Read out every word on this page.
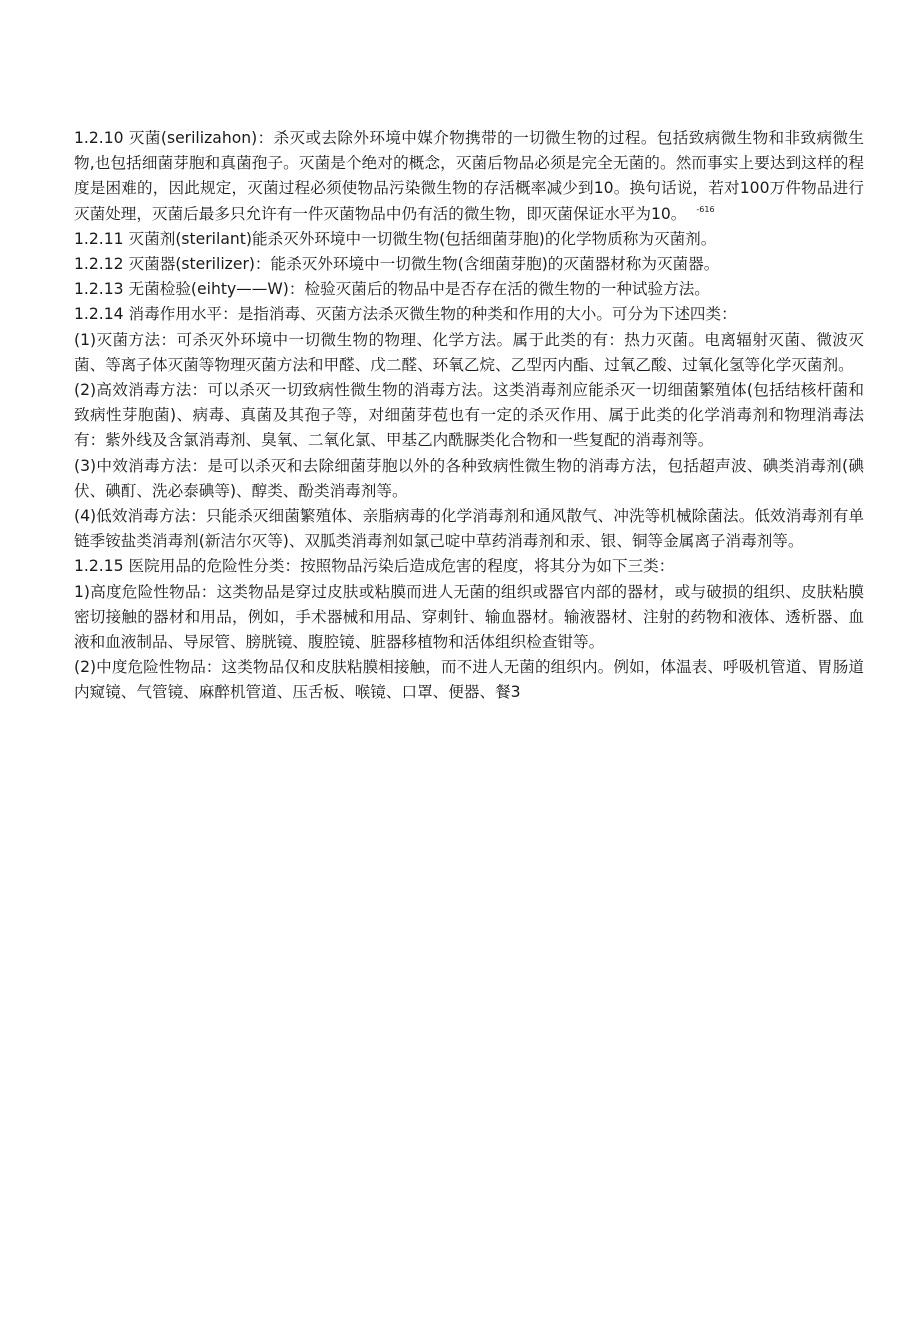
1.2.10 灭菌(serilizahon)：杀灭或去除外环境中媒介物携带的一切微生物的过程。包括致病微生物和非致病微生物,也包括细菌芽胞和真菌孢子。灭菌是个绝对的概念，灭菌后物品必须是完全无菌的。然而事实上要达到这样的程度是困难的，因此规定，灭菌过程必须使物品污染微生物的存活概率减少到10。换句话说，若对100万件物品进行灭菌处理，灭菌后最多只允许有一件灭菌物品中仍有活的微生物，即灭菌保证水平为10。 $^{-616}$

1.2.11 灭菌剂(sterilant)能杀灭外环境中一切微生物(包括细菌芽胞)的化学物质称为灭菌剂。

1.2.12 灭菌器(sterilizer)：能杀灭外环境中一切微生物(含细菌芽胞)的灭菌器材称为灭菌器。

1.2.13 无菌检验(eihty——W)：检验灭菌后的物品中是否存在活的微生物的一种试验方法。

1.2.14 消毒作用水平：是指消毒、灭菌方法杀灭微生物的种类和作用的大小。可分为下述四类：

(1)灭菌方法：可杀灭外环境中一切微生物的物理、化学方法。属于此类的有：热力灭菌。电离辐射灭菌、微波灭菌、等离子体灭菌等物理灭菌方法和甲醛、戊二醛、环氧乙烷、乙型丙内酯、过氧乙酸、过氧化氢等化学灭菌剂。

(2)高效消毒方法：可以杀灭一切致病性微生物的消毒方法。这类消毒剂应能杀灭一切细菌繁殖体(包括结核杆菌和致病性芽胞菌)、病毒、真菌及其孢子等，对细菌芽苞也有一定的杀灭作用、属于此类的化学消毒剂和物理消毒法有：紫外线及含氯消毒剂、臭氧、二氧化氯、甲基乙内酰脲类化合物和一些复配的消毒剂等。

(3)中效消毒方法：是可以杀灭和去除细菌芽胞以外的各种致病性微生物的消毒方法，包括超声波、碘类消毒剂(碘伏、碘酊、洗必泰碘等)、醇类、酚类消毒剂等。

(4)低效消毒方法：只能杀灭细菌繁殖体、亲脂病毒的化学消毒剂和通风散气、冲洗等机械除菌法。低效消毒剂有单链季铵盐类消毒剂(新洁尔灭等)、双胍类消毒剂如氯己啶中草药消毒剂和汞、银、铜等金属离子消毒剂等。

1.2.15 医院用品的危险性分类：按照物品污染后造成危害的程度，将其分为如下三类：

1)高度危险性物品：这类物品是穿过皮肤或粘膜而进人无菌的组织或器官内部的器材，或与破损的组织、皮肤粘膜密切接触的器材和用品，例如，手术器械和用品、穿刺针、输血器材。输液器材、注射的药物和液体、透析器、血液和血液制品、导尿管、膀胱镜、腹腔镜、脏器移植物和活体组织检查钳等。

(2)中度危险性物品：这类物品仅和皮肤粘膜相接触，而不进人无菌的组织内。例如，体温表、呼吸机管道、胃肠道内窥镜、气管镜、麻醉机管道、压舌板、喉镜、口罩、便器、餐3
